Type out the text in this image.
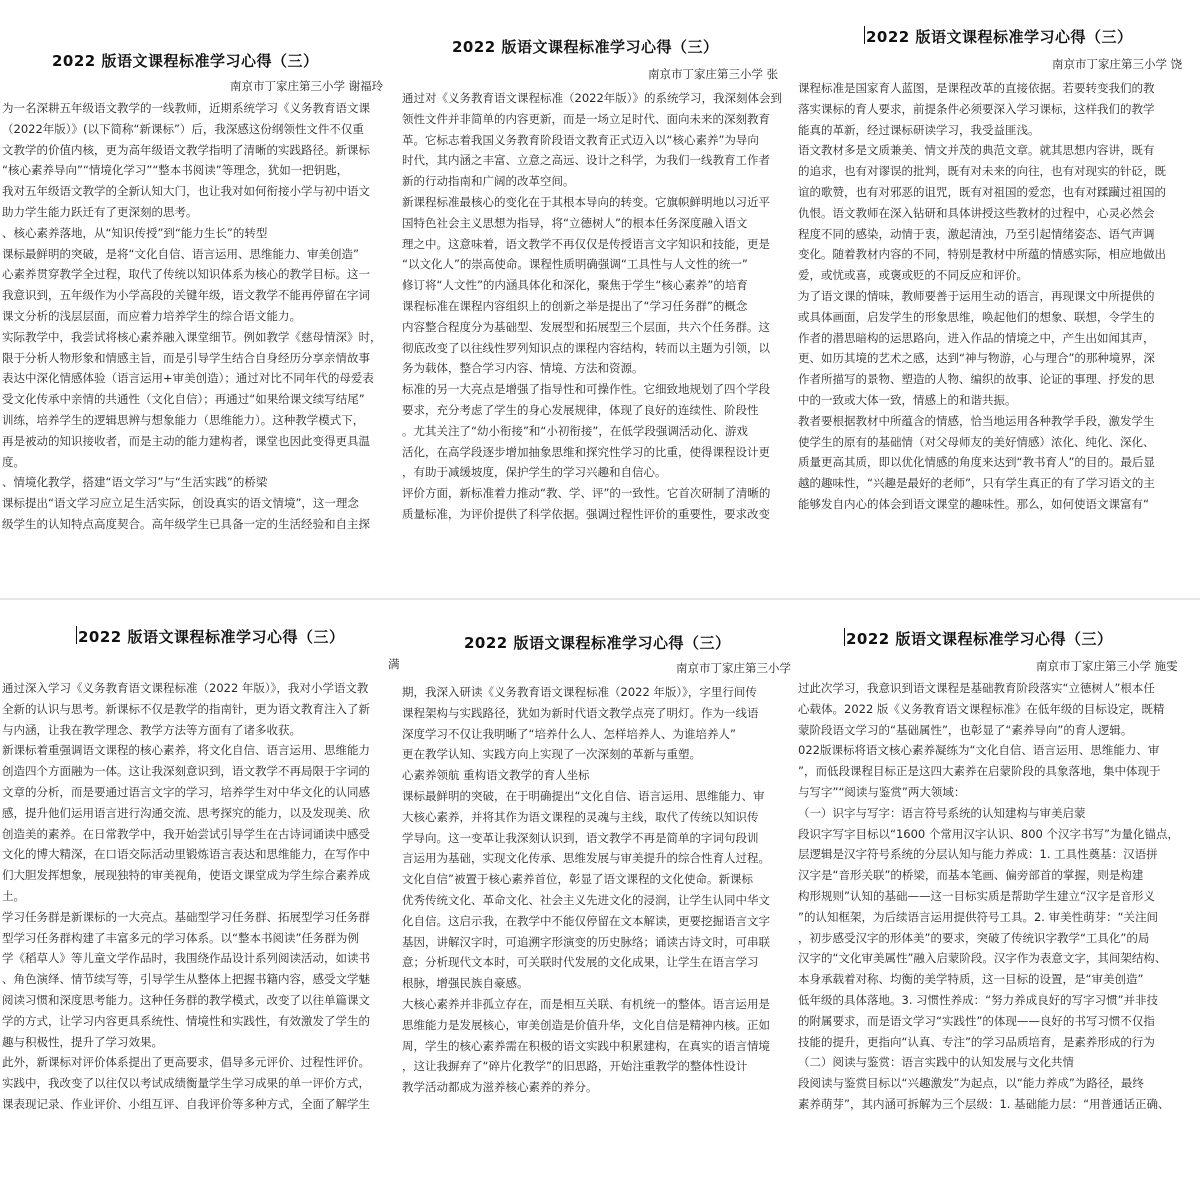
2022 版语文课程标准学习心得（三）
南京市丁家庄第三小学 谢福玲
为一名深耕五年级语文教学的一线教师，近期系统学习《义务教育语文课
（2022年版）》(以下简称“新课标”）后，我深感这份纲领性文件不仅重
文教学的价值内核，更为高年级语文教学指明了清晰的实践路径。新课标
“核心素养导向”“情境化学习”“整本书阅读”等理念，犹如一把钥匙，
我对五年级语文教学的全新认知大门，也让我对如何衔接小学与初中语文
助力学生能力跃迁有了更深刻的思考。
、核心素养落地，从“知识传授”到“能力生长”的转型
课标最鲜明的突破，是将“文化自信、语言运用、思维能力、审美创造”
心素养贯穿教学全过程，取代了传统以知识体系为核心的教学目标。这一
我意识到，五年级作为小学高段的关键年级，语文教学不能再停留在字词
课文分析的浅层层面，而应着力培养学生的综合语文能力。
实际教学中，我尝试将核心素养融入课堂细节。例如教学《慈母情深》时，
限于分析人物形象和情感主旨，而是引导学生结合自身经历分享亲情故事
表达中深化情感体验（语言运用+审美创造）；通过对比不同年代的母爱表
受文化传承中亲情的共通性（文化自信）；再通过“如果给课文续写结尾”
训练，培养学生的逻辑思辨与想象能力（思维能力）。这种教学模式下，
再是被动的知识接收者，而是主动的能力建构者，课堂也因此变得更具温
度。
、情境化教学，搭建“语文学习”与“生活实践”的桥梁
课标提出“语文学习应立足生活实际，创设真实的语文情境”，这一理念
级学生的认知特点高度契合。高年级学生已具备一定的生活经验和自主探
2022 版语文课程标准学习心得（三）
南京市丁家庄第三小学 张
通过对《义务教育语文课程标准（2022年版）》的系统学习，我深刻体会到
领性文件并非简单的内容更新，而是一场立足时代、面向未来的深刻教育
革。它标志着我国义务教育阶段语文教育正式迈入以“核心素养”为导向
时代，其内涵之丰富、立意之高远、设计之科学，为我们一线教育工作者
新的行动指南和广阔的改革空间。
新课程标准最核心的变化在于其根本导向的转变。它旗帜鲜明地以习近平
国特色社会主义思想为指导，将“立德树人”的根本任务深度融入语文
理之中。这意味着，语文教学不再仅仅是传授语言文字知识和技能，更是
“以文化人”的崇高使命。课程性质明确强调“工具性与人文性的统一”
修订将“人文性”的内涵具体化和深化，聚焦于学生“核心素养”的培育
课程标准在课程内容组织上的创新之举是提出了“学习任务群”的概念
内容整合程度分为基础型、发展型和拓展型三个层面，共六个任务群。这
彻底改变了以往线性罗列知识点的课程内容结构，转而以主题为引领，以
务为载体，整合学习内容、情境、方法和资源。
标准的另一大亮点是增强了指导性和可操作性。它细致地规划了四个学段
要求，充分考虑了学生的身心发展规律，体现了良好的连续性、阶段性
。尤其关注了“幼小衔接”和“小初衔接”，在低学段强调活动化、游戏
活化，在高学段逐步增加抽象思维和探究性学习的比重，使得课程设计更
，有助于减缓坡度，保护学生的学习兴趣和自信心。
评价方面，新标准着力推动“教、学、评”的一致性。它首次研制了清晰的
质量标准，为评价提供了科学依据。强调过程性评价的重要性，要求改变
2022 版语文课程标准学习心得（三）
南京市丁家庄第三小学 饶
课程标准是国家育人蓝图，是课程改革的直接依据。若要转变我们的教
落实课标的育人要求，前提条件必须要深入学习课标，这样我们的教学
能真的革新，经过课标研读学习，我受益匪浅。
语文教材多是文质兼美、情文并茂的典范文章。就其思想内容讲，既有
的追求，也有对谬误的批判，既有对未来的向往，也有对现实的针砭，既
谊的歌赞，也有对邪恶的诅咒，既有对祖国的爱恋，也有对蹂躏过祖国的
仇恨。语文教师在深入钻研和具体讲授这些教材的过程中，心灵必然会
程度不同的感染，动情于衷，激起清浊，乃至引起情绪姿态、语气声调
变化。随着教材内容的不同，特别是教材中所蕴的情感实际，相应地做出
爱，或忧或喜，或褒或贬的不同反应和评价。
为了语文课的情味，教师要善于运用生动的语言，再现课文中所提供的
或具体画面，启发学生的形象思维，唤起他们的想象、联想，令学生的
作者的潜思暗构的运思路向，进入作品的情境之中，产生出如闻其声，
更、如历其境的艺术之感，达到“神与物游，心与理合”的那种境界，深
作者所描写的景物、塑造的人物、编织的故事、论证的事理、抒发的思
中的一致或大体一致，情感上的和谐共振。
教者要根据教材中所蕴含的情感，恰当地运用各种教学手段，激发学生
使学生的原有的基础情（对父母师友的美好情感）浓化、纯化、深化、
质量更高其质，即以优化情感的角度来达到“教书育人”的目的。最后显
越的趣味性，“兴趣是最好的老师”，只有学生真正的有了学习语文的主
能够发自内心的体会到语文课堂的趣味性。那么，如何使语文课富有“
2022 版语文课程标准学习心得（三）
满
通过深入学习《义务教育语文课程标准（2022 年版）》，我对小学语文教
全新的认识与思考。新课标不仅是教学的指南针，更为语文教育注入了新
与内涵，让我在教学理念、教学方法等方面有了诸多收获。
新课标着重强调语文课程的核心素养，将文化自信、语言运用、思维能力
创造四个方面融为一体。这让我深刻意识到，语文教学不再局限于字词的
文章的分析，而是要通过语言文字的学习，培养学生对中华文化的认同感
感，提升他们运用语言进行沟通交流、思考探究的能力，以及发现美、欣
创造美的素养。在日常教学中，我开始尝试引导学生在古诗词诵读中感受
文化的博大精深，在口语交际活动里锻炼语言表达和思维能力，在写作中
们大胆发挥想象，展现独特的审美视角，使语文课堂成为学生综合素养成
土。
学习任务群是新课标的一大亮点。基础型学习任务群、拓展型学习任务群
型学习任务群构建了丰富多元的学习体系。以“整本书阅读”任务群为例
学《稻草人》等儿童文学作品时，我围绕作品设计系列阅读活动，如读书
、角色演绎、情节续写等，引导学生从整体上把握书籍内容，感受文学魅
阅读习惯和深度思考能力。这种任务群的教学模式，改变了以往单篇课文
学的方式，让学习内容更具系统性、情境性和实践性，有效激发了学生的
趣与积极性，提升了学习效果。
此外，新课标对评价体系提出了更高要求，倡导多元评价、过程性评价。
实践中，我改变了以往仅以考试成绩衡量学生学习成果的单一评价方式，
课表现记录、作业评价、小组互评、自我评价等多种方式，全面了解学生
2022 版语文课程标准学习心得（三）
南京市丁家庄第三小学
期，我深入研读《义务教育语文课程标准（2022 年版）》，字里行间传
课程架构与实践路径，犹如为新时代语文教学点亮了明灯。作为一线语
深度学习不仅让我明晰了“培养什么人、怎样培养人、为谁培养人”
更在教学认知、实践方向上实现了一次深刻的革新与重塑。
心素养领航 重构语文教学的育人坐标
课标最鲜明的突破，在于明确提出“文化自信、语言运用、思维能力、审
大核心素养，并将其作为语文课程的灵魂与主线，取代了传统以知识传
学导向。这一变革让我深刻认识到，语文教学不再是简单的字词句段训
言运用为基础，实现文化传承、思维发展与审美提升的综合性育人过程。
文化自信”被置于核心素养首位，彰显了语文课程的文化使命。新课标
优秀传统文化、革命文化、社会主义先进文化的浸润，让学生认同中华文
化自信。这启示我，在教学中不能仅停留在文本解读，更要挖掘语言文字
基因，讲解汉字时，可追溯字形演变的历史脉络；诵读古诗文时，可串联
意；分析现代文本时，可关联时代发展的文化成果，让学生在语言学习
根脉，增强民族自豪感。
大核心素养并非孤立存在，而是相互关联、有机统一的整体。语言运用是
思维能力是发展核心，审美创造是价值升华，文化自信是精神内核。正如
周，学生的核心素养需在积极的语文实践中积累建构，在真实的语言情境
，这让我摒弃了“碎片化教学”的旧思路，开始注重教学的整体性设计
教学活动都成为滋养核心素养的养分。
2022 版语文课程标准学习心得（三）
南京市丁家庄第三小学 施雯
过此次学习，我意识到语文课程是基础教育阶段落实“立德树人”根本任
心载体。2022 版《义务教育语文课程标准》在低年级的目标设定，既精
蒙阶段语文学习的“基础属性”，也彰显了“素养导向”的育人逻辑。
022版课标将语文核心素养凝练为“文化自信、语言运用、思维能力、审
”，而低段课程目标正是这四大素养在启蒙阶段的具象落地，集中体现于
与写字”“阅读与鉴赏”两大领域：
（一）识字与写字：语言符号系统的认知建构与审美启蒙
段识字写字目标以“1600 个常用汉字认识、800 个汉字书写”为量化锚点，
层逻辑是汉字符号系统的分层认知与能力养成：1. 工具性奠基：汉语拼
汉字是“音形关联”的桥梁，而基本笔画、偏旁部首的掌握，则是构建
构形规则”认知的基础——这一目标实质是帮助学生建立“汉字是音形义
”的认知框架，为后续语言运用提供符号工具。2. 审美性萌芽：“关注间
，初步感受汉字的形体美”的要求，突破了传统识字教学“工具化”的局
汉字的“文化审美属性”融入启蒙阶段。汉字作为表意文字，其间架结构、
本身承载着对称、均衡的美学特质，这一目标的设置，是“审美创造”
低年级的具体落地。3. 习惯性养成：“努力养成良好的写字习惯”并非技
的附属要求，而是语文学习“实践性”的体现——良好的书写习惯不仅指
技能的提升，更指向“认真、专注”的学习品质培育，是素养形成的行为
（二）阅读与鉴赏：语言实践中的认知发展与文化共情
段阅读与鉴赏目标以“兴趣激发”为起点，以“能力养成”为路径，最终
素养萌芽”，其内涵可拆解为三个层级：1. 基础能力层：“用普通话正确、
